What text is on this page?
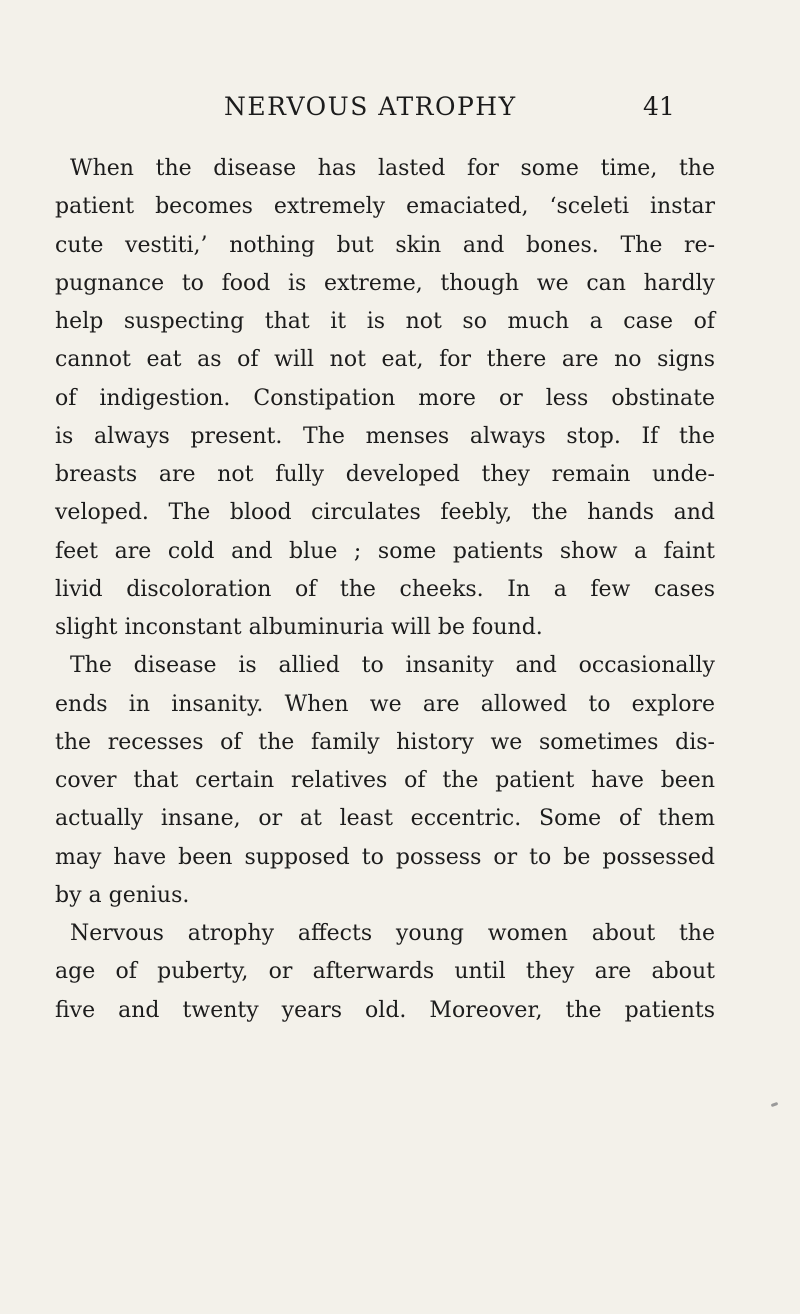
NERVOUS ATROPHY	41
When the disease has lasted for some time, the
patient becomes extremely emaciated, ‘sceleti instar
cute vestiti,’ nothing but skin and bones. The re-
pugnance to food is extreme, though we can hardly
help suspecting that it is not so much a case of
cannot eat as of will not eat, for there are no signs
of indigestion. Constipation more or less obstinate
is always present. The menses always stop. If the
breasts are not fully developed they remain unde-
veloped. The blood circulates feebly, the hands and
feet are cold and blue ; some patients show a faint
livid discoloration of the cheeks. In a few cases
slight inconstant albuminuria will be found.
The disease is allied to insanity and occasionally
ends in insanity. When we are allowed to explore
the recesses of the family history we sometimes dis-
cover that certain relatives of the patient have been
actually insane, or at least eccentric. Some of them
may have been supposed to possess or to be possessed
by a genius.
Nervous atrophy affects young women about the
age of puberty, or afterwards until they are about
five and twenty years old. Moreover, the patients
